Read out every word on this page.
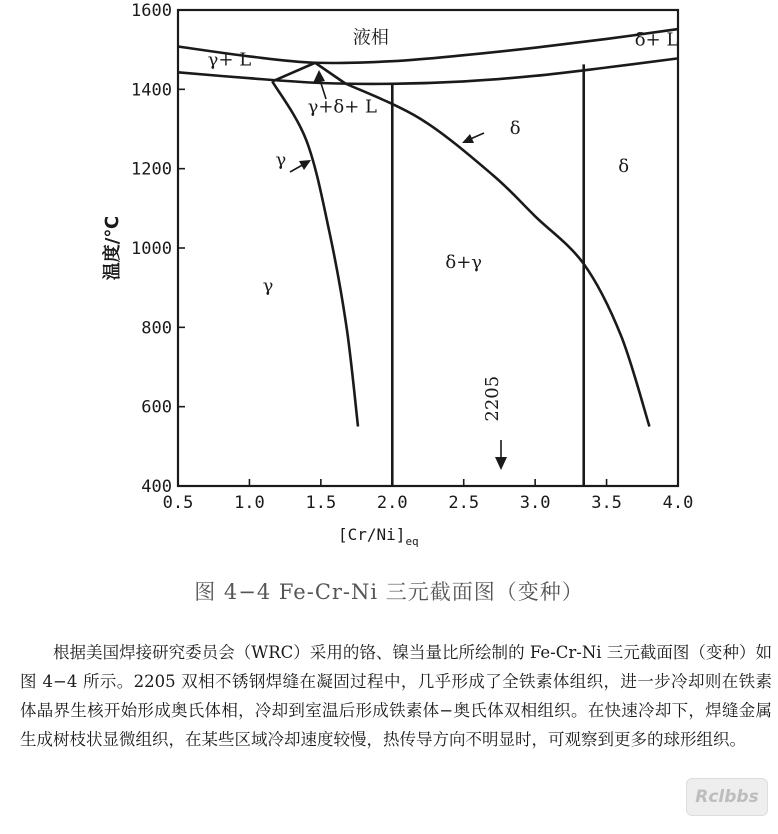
0.5 1.0 1.5 2.0 2.5 3.0 3.5 4.0
400
600
800
1000
1200
1400
1600
液相	δ+ L
γ+ L
γ+δ+ L
γ
δ
δ
δ+γ
γ
2205
温度/℃
$[Cr/Ni]_{eq}$
图 4−4 Fe-Cr-Ni 三元截面图（变种）

根据美国焊接研究委员会（WRC）采用的铬、镍当量比所绘制的 Fe-Cr-Ni 三元截面图（变种）如图 4−4 所示。2205 双相不锈钢焊缝在凝固过程中，几乎形成了全铁素体组织，进一步冷却则在铁素体晶界生核开始形成奥氏体相，冷却到室温后形成铁素体−奥氏体双相组织。在快速冷却下，焊缝金属生成树枝状显微组织，在某些区域冷却速度较慢，热传导方向不明显时，可观察到更多的球形组织。

Rclbbs
